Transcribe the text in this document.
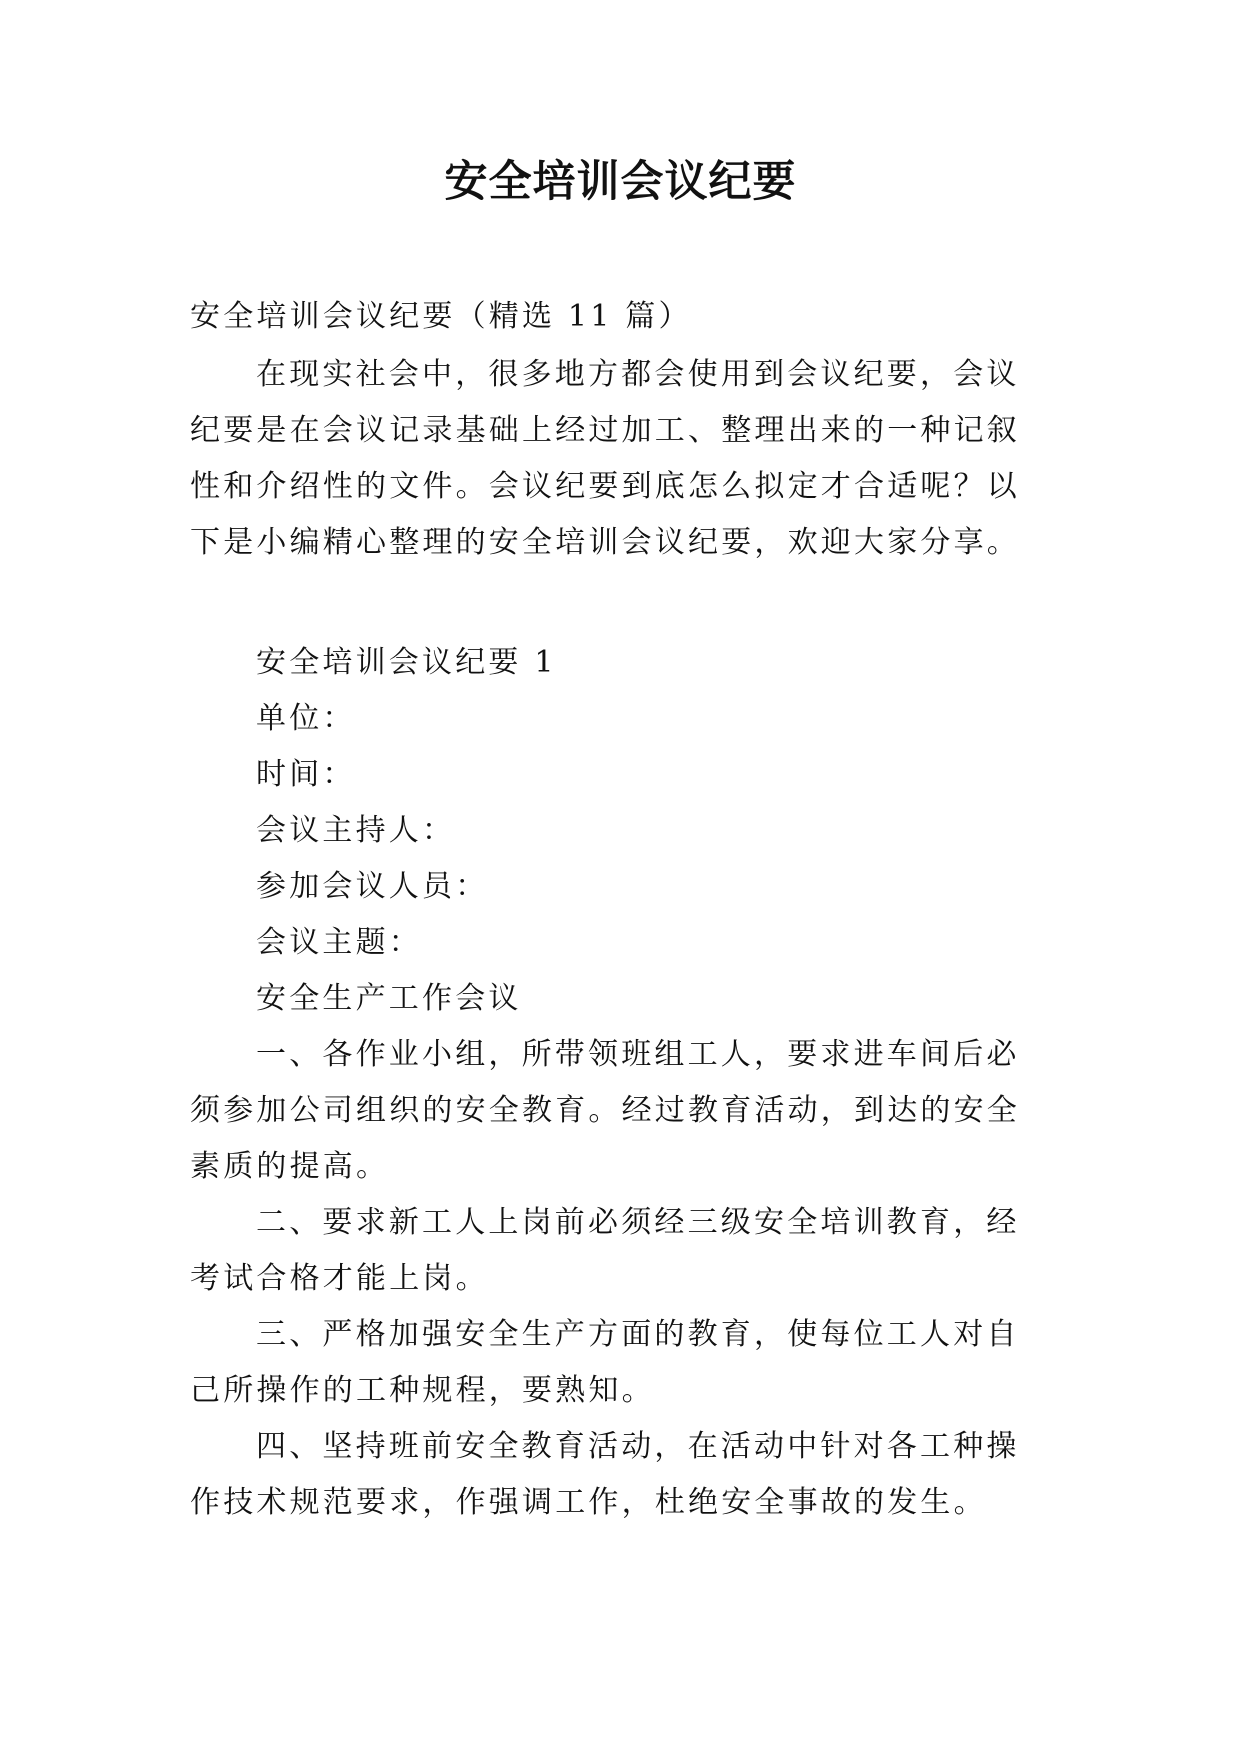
安全培训会议纪要

安全培训会议纪要（精选 11 篇）

在现实社会中，很多地方都会使用到会议纪要，会议纪要是在会议记录基础上经过加工、整理出来的一种记叙性和介绍性的文件。会议纪要到底怎么拟定才合适呢？以下是小编精心整理的安全培训会议纪要，欢迎大家分享。

安全培训会议纪要 1

单位：

时间：

会议主持人：

参加会议人员：

会议主题：

安全生产工作会议

一、各作业小组，所带领班组工人，要求进车间后必须参加公司组织的安全教育。经过教育活动，到达的安全素质的提高。

二、要求新工人上岗前必须经三级安全培训教育，经考试合格才能上岗。

三、严格加强安全生产方面的教育，使每位工人对自己所操作的工种规程，要熟知。

四、坚持班前安全教育活动，在活动中针对各工种操作技术规范要求，作强调工作，杜绝安全事故的发生。
